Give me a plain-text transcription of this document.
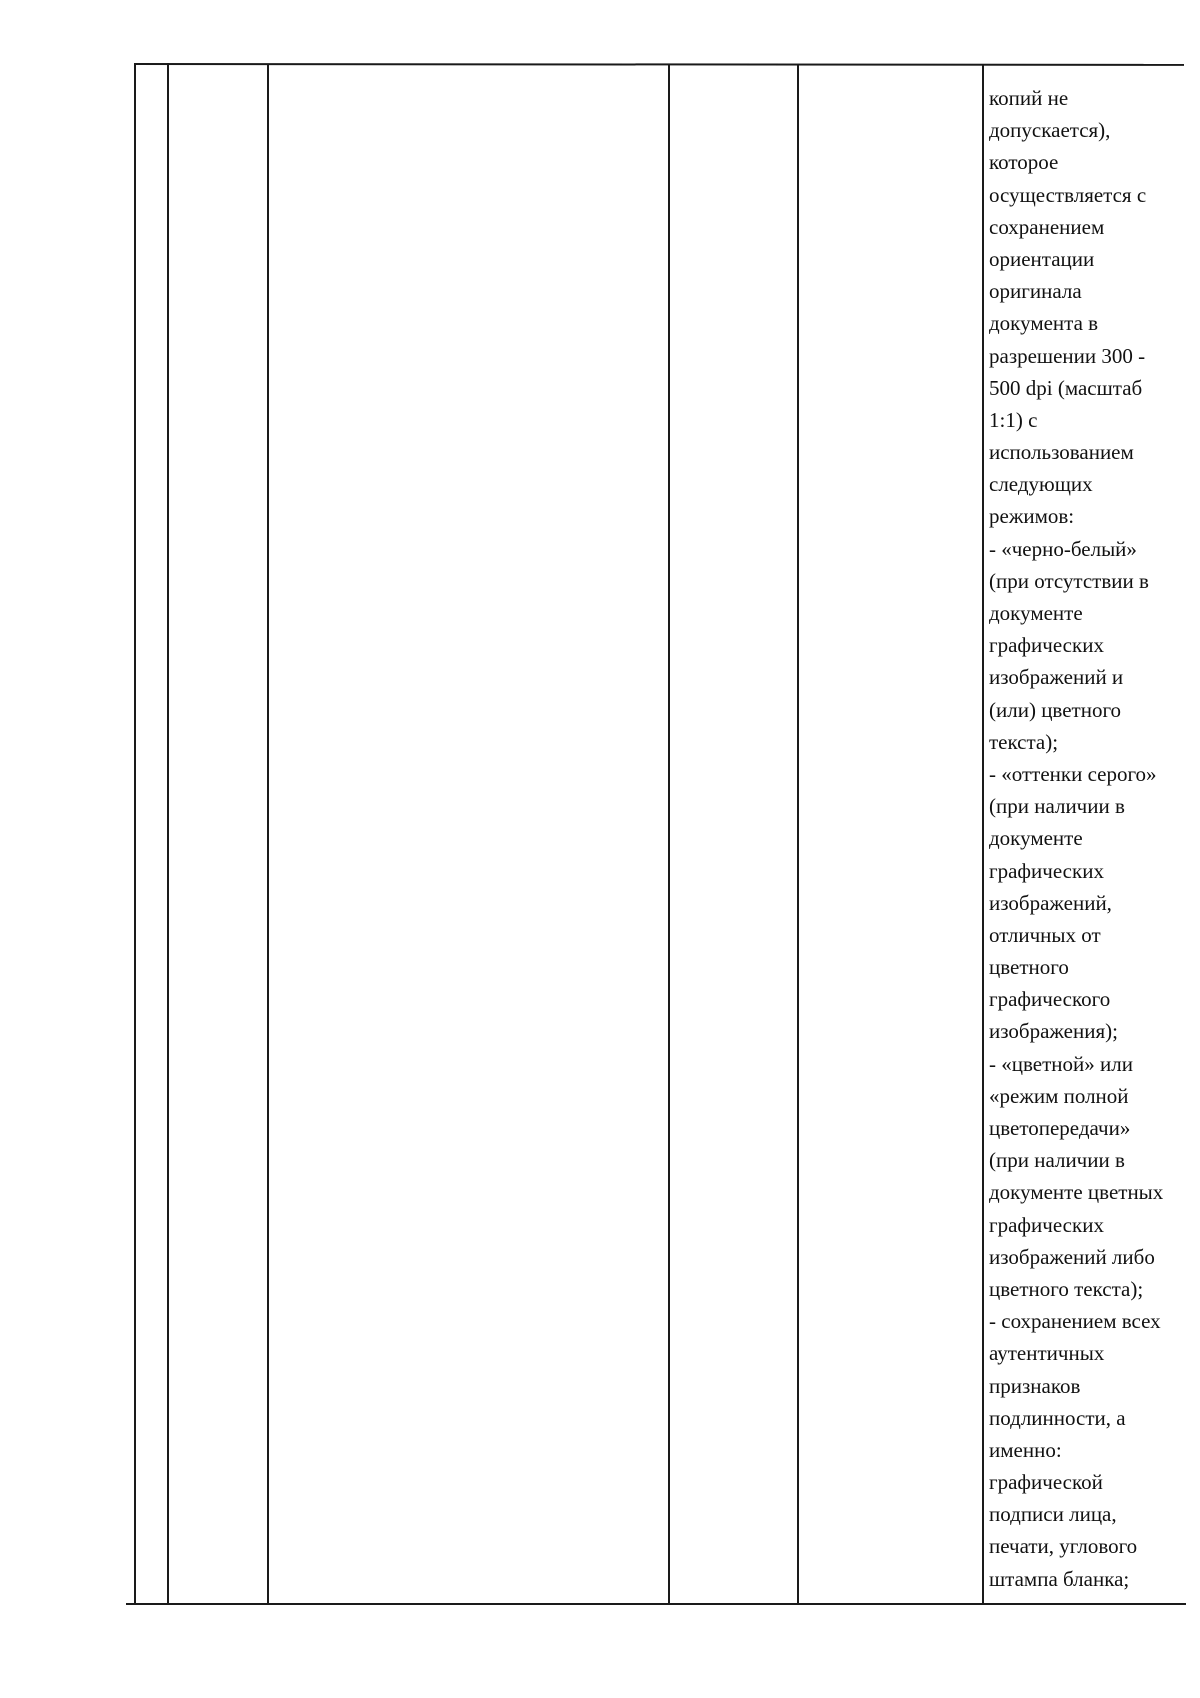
копий не
допускается),
которое
осуществляется с
сохранением
ориентации
оригинала
документа в
разрешении 300 -
500 dpi (масштаб
1:1) с
использованием
следующих
режимов:
- «черно-белый»
(при отсутствии в
документе
графических
изображений и
(или) цветного
текста);
- «оттенки серого»
(при наличии в
документе
графических
изображений,
отличных от
цветного
графического
изображения);
- «цветной» или
«режим полной
цветопередачи»
(при наличии в
документе цветных
графических
изображений либо
цветного текста);
- сохранением всех
аутентичных
признаков
подлинности, а
именно:
графической
подписи лица,
печати, углового
штампа бланка;
